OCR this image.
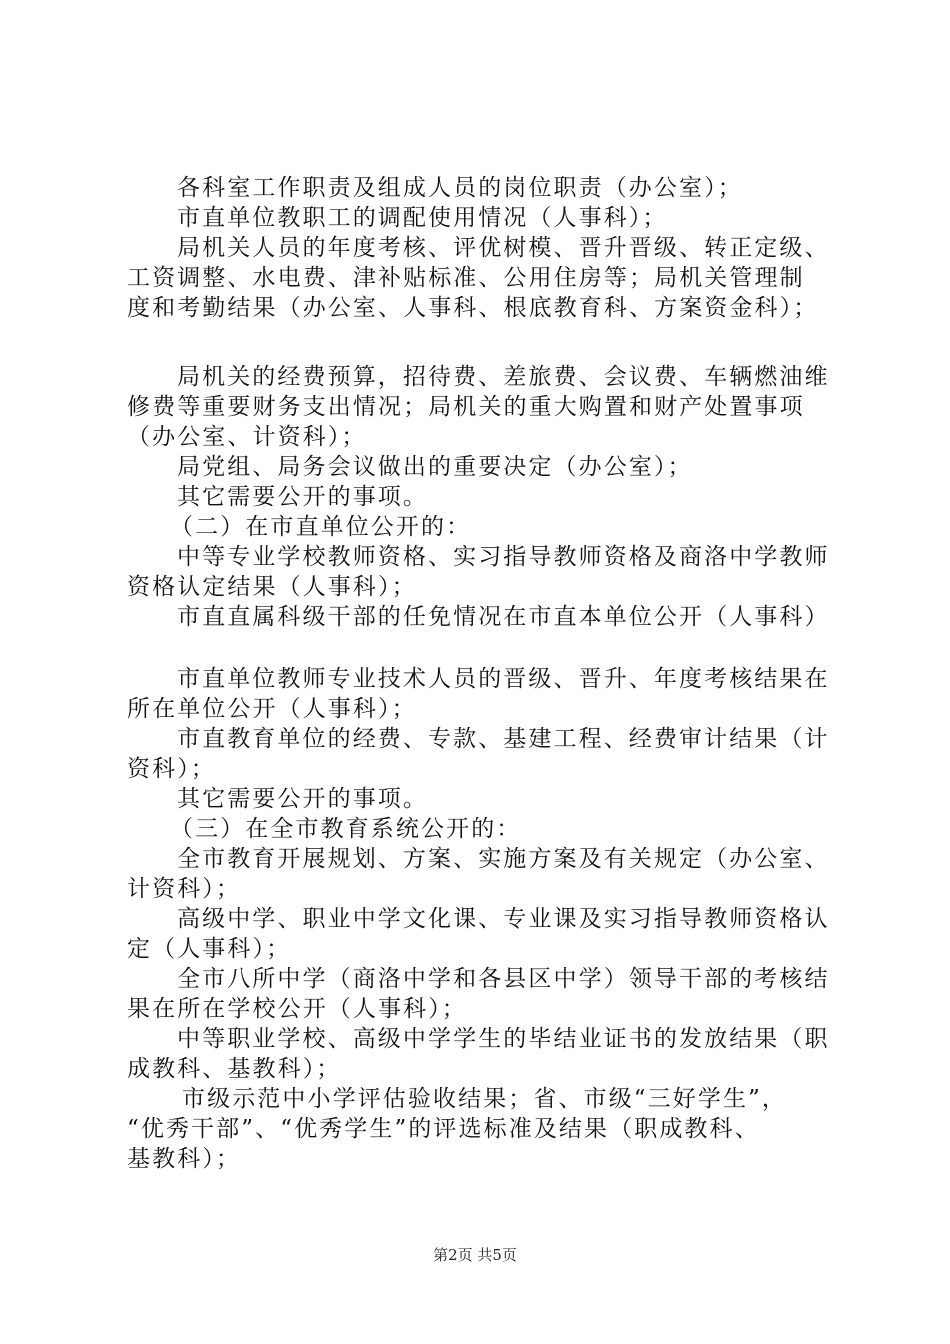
各科室工作职责及组成人员的岗位职责（办公室）；
市直单位教职工的调配使用情况（人事科）；
局机关人员的年度考核、评优树模、晋升晋级、转正定级、
工资调整、水电费、津补贴标准、公用住房等；局机关管理制
度和考勤结果（办公室、人事科、根底教育科、方案资金科）；
局机关的经费预算，招待费、差旅费、会议费、车辆燃油维
修费等重要财务支出情况；局机关的重大购置和财产处置事项
（办公室、计资科）；
局党组、局务会议做出的重要决定（办公室）；
其它需要公开的事项。
（二）在市直单位公开的：
中等专业学校教师资格、实习指导教师资格及商洛中学教师
资格认定结果（人事科）；
市直直属科级干部的任免情况在市直本单位公开（人事科）
市直单位教师专业技术人员的晋级、晋升、年度考核结果在
所在单位公开（人事科）；
市直教育单位的经费、专款、基建工程、经费审计结果（计
资科）；
其它需要公开的事项。
（三）在全市教育系统公开的：
全市教育开展规划、方案、实施方案及有关规定（办公室、
计资科）；
高级中学、职业中学文化课、专业课及实习指导教师资格认
定（人事科）；
全市八所中学（商洛中学和各县区中学）领导干部的考核结
果在所在学校公开（人事科）；
中等职业学校、高级中学学生的毕结业证书的发放结果（职
成教科、基教科）；
市级示范中小学评估验收结果；省、市级“三好学生”，
“优秀干部”、“优秀学生”的评选标准及结果（职成教科、
基教科）；
第2页 共5页
